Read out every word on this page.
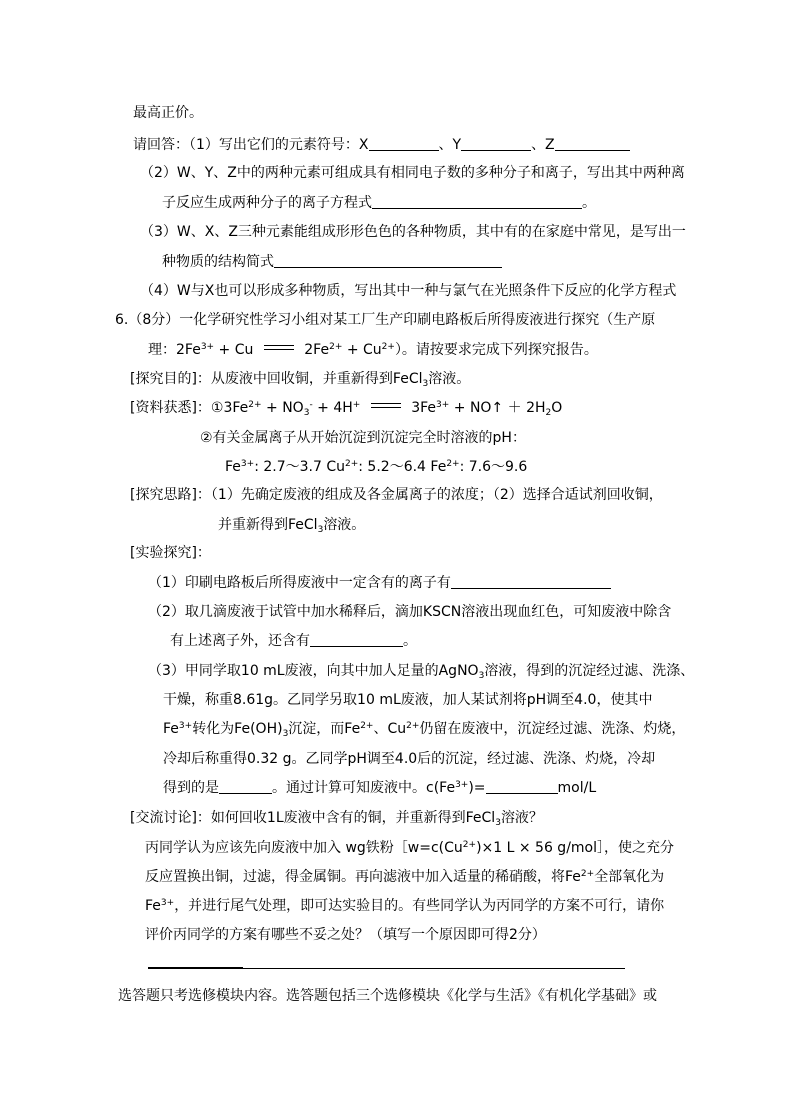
最高正价。
请回答：（1）写出它们的元素符号：X	、Y	、Z
（2）W、Y、Z中的两种元素可组成具有相同电子数的多种分子和离子，写出其中两种离
子反应生成两种分子的离子方程式	。
（3）W、X、Z三种元素能组成形形色色的各种物质，其中有的在家庭中常见，是写出一
种物质的结构简式
（4）W与X也可以形成多种物质，写出其中一种与氯气在光照条件下反应的化学方程式
6.（8分）一化学研究性学习小组对某工厂生产印刷电路板后所得废液进行探究（生产原
理：$2Fe^{3+} + Cu$	$2Fe^{2+} + Cu^{2+}$）。请按要求完成下列探究报告。
[探究目的]：从废液中回收铜，并重新得到FeCl$_3$溶液。
[资料获悉]：$①3Fe^{2+} + NO_3^- + 4H^+$	$3Fe^{3+}$ + NO↑ ＋ $2H_2O$
②有关金属离子从开始沉淀到沉淀完全时溶液的pH：
$Fe^{3+}$: 2.7～3.7 $Cu^{2+}$: 5.2～6.4 $Fe^{2+}$: 7.6～9.6
[探究思路]：（1）先确定废液的组成及各金属离子的浓度；（2）选择合适试剂回收铜，
并重新得到FeCl$_3$溶液。
[实验探究]：
（1）印刷电路板后所得废液中一定含有的离子有
（2）取几滴废液于试管中加水稀释后，滴加KSCN溶液出现血红色，可知废液中除含
有上述离子外，还含有	。
（3）甲同学取10 mL废液，向其中加人足量的AgNO$_3$溶液，得到的沉淀经过滤、洗涤、
干燥，称重8.61g。乙同学另取10 mL废液，加人某试剂将pH调至4.0，使其中
$Fe^{3+}$转化为$Fe(OH)_3$沉淀，而$Fe^{2+}$、$Cu^{2+}$仍留在废液中，沉淀经过滤、洗涤、灼烧，
冷却后称重得0.32 g。乙同学pH调至4.0后的沉淀，经过滤、洗涤、灼烧，冷却
得到的是	。通过计算可知废液中。$c(Fe^{3+})=$	mol/L
[交流讨论]：如何回收1L废液中含有的铜，并重新得到FeCl$_3$溶液？
丙同学认为应该先向废液中加入 wg铁粉$[w=c(Cu^{2+})\times 1$ L × 56 g/mol］，使之充分
反应置换出铜，过滤，得金属铜。再向滤液中加入适量的稀硝酸，将$Fe^{2+}$全部氧化为
$Fe^{3+}$，并进行尾气处理，即可达实验目的。有些同学认为丙同学的方案不可行，请你
评价丙同学的方案有哪些不妥之处？（填写一个原因即可得2分）
选答题只考选修模块内容。选答题包括三个选修模块《化学与生活》《有机化学基础》或
